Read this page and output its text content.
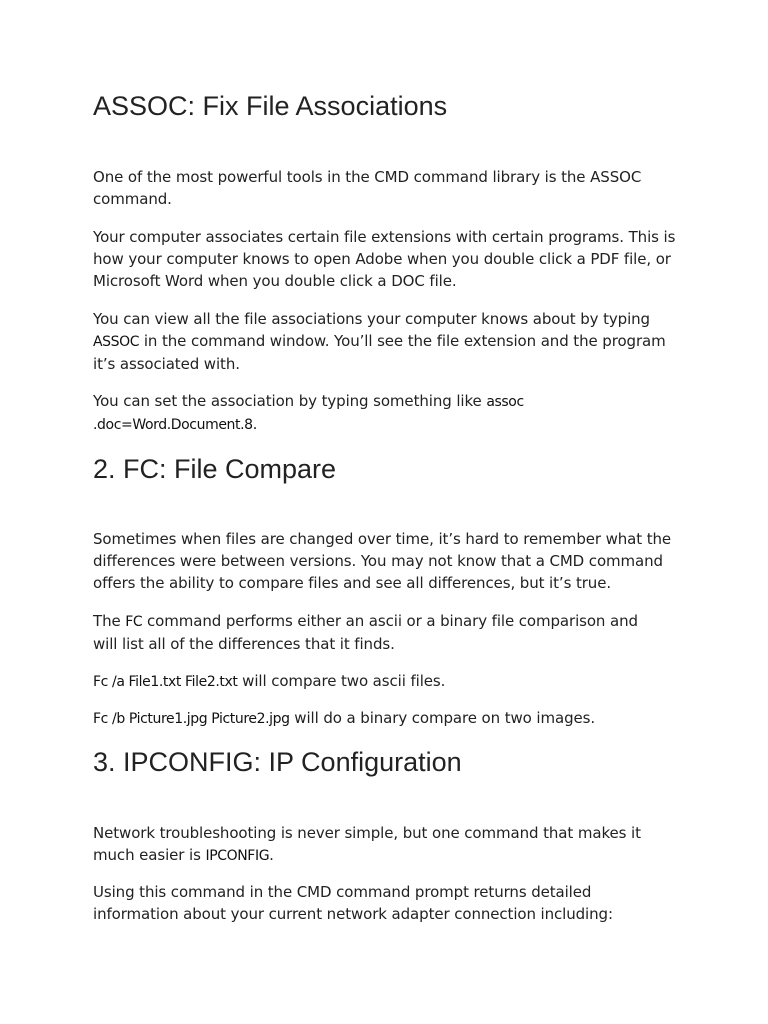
ASSOC: Fix File Associations

One of the most powerful tools in the CMD command library is the ASSOC command.

Your computer associates certain file extensions with certain programs. This is how your computer knows to open Adobe when you double click a PDF file, or Microsoft Word when you double click a DOC file.

You can view all the file associations your computer knows about by typing ASSOC in the command window. You’ll see the file extension and the program it’s associated with.

You can set the association by typing something like assoc .doc=Word.Document.8.

2. FC: File Compare

Sometimes when files are changed over time, it’s hard to remember what the differences were between versions. You may not know that a CMD command offers the ability to compare files and see all differences, but it’s true.

The FC command performs either an ascii or a binary file comparison and will list all of the differences that it finds.

Fc /a File1.txt File2.txt will compare two ascii files.

Fc /b Picture1.jpg Picture2.jpg will do a binary compare on two images.

3. IPCONFIG: IP Configuration

Network troubleshooting is never simple, but one command that makes it much easier is IPCONFIG.

Using this command in the CMD command prompt returns detailed information about your current network adapter connection including:
